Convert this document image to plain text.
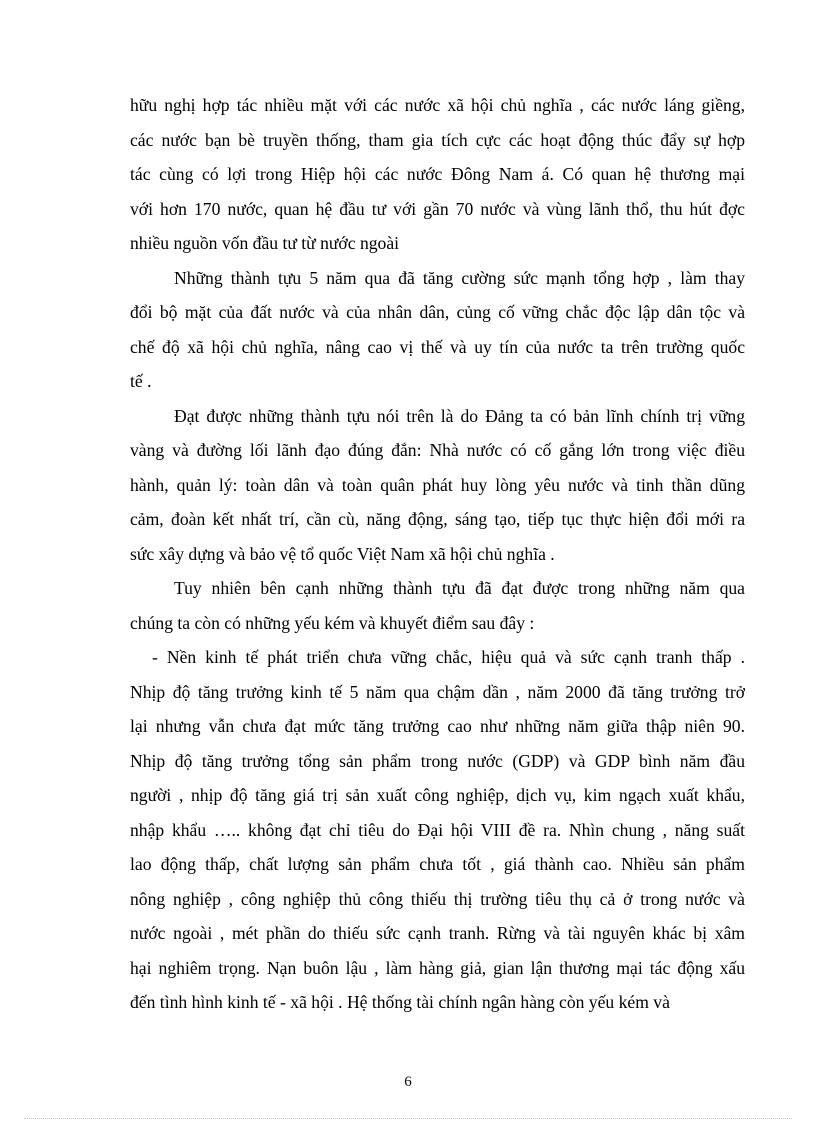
hữu nghị hợp tác nhiều mặt với các nước xã hội chủ nghĩa , các nước láng giềng,
các nước bạn bè truyền thống, tham gia tích cực các hoạt động thúc đẩy sự hợp
tác cùng có lợi trong Hiệp hội các nước Đông Nam á. Có quan hệ thương mại
với hơn 170 nước, quan hệ đầu tư với gần 70 nước và vùng lãnh thổ, thu hút đợc
nhiều nguồn vốn đầu tư từ nước ngoài
Những thành tựu 5 năm qua đã tăng cường sức mạnh tổng hợp , làm thay
đổi bộ mặt của đất nước và của nhân dân, củng cố vững chắc độc lập dân tộc và
chế độ xã hội chủ nghĩa, nâng cao vị thế và uy tín của nước ta trên trường quốc
tế .
Đạt được những thành tựu nói trên là do Đảng ta có bản lĩnh chính trị vững
vàng và đường lối lãnh đạo đúng đắn: Nhà nước có cố gắng lớn trong việc điều
hành, quản lý: toàn dân và toàn quân phát huy lòng yêu nước và tinh thần dũng
cảm, đoàn kết nhất trí, cần cù, năng động, sáng tạo, tiếp tục thực hiện đổi mới ra
sức xây dựng và bảo vệ tổ quốc Việt Nam xã hội chủ nghĩa .
Tuy nhiên bên cạnh những thành tựu đã đạt được trong những năm qua
chúng ta còn có những yếu kém và khuyết điểm sau đây :
- Nền kinh tế phát triển chưa vững chắc, hiệu quả và sức cạnh tranh thấp .
Nhịp độ tăng trưởng kinh tế 5 năm qua chậm dần , năm 2000 đã tăng trưởng trở
lại nhưng vẫn chưa đạt mức tăng trưởng cao như những năm giữa thập niên 90.
Nhịp độ tăng trưởng tổng sản phẩm trong nước (GDP) và GDP bình năm đầu
người , nhịp độ tăng giá trị sản xuất công nghiệp, dịch vụ, kim ngạch xuất khẩu,
nhập khẩu ….. không đạt chỉ tiêu do Đại hội VIII đề ra. Nhìn chung , năng suất
lao động thấp, chất lượng sản phẩm chưa tốt , giá thành cao. Nhiều sản phẩm
nông nghiệp , công nghiệp thủ công thiếu thị trường tiêu thụ cả ở trong nước và
nước ngoài , mét phần do thiếu sức cạnh tranh. Rừng và tài nguyên khác bị xâm
hại nghiêm trọng. Nạn buôn lậu , làm hàng giả, gian lận thương mại tác động xấu
đến tình hình kinh tế - xã hội . Hệ thống tài chính ngân hàng còn yếu kém và
6
